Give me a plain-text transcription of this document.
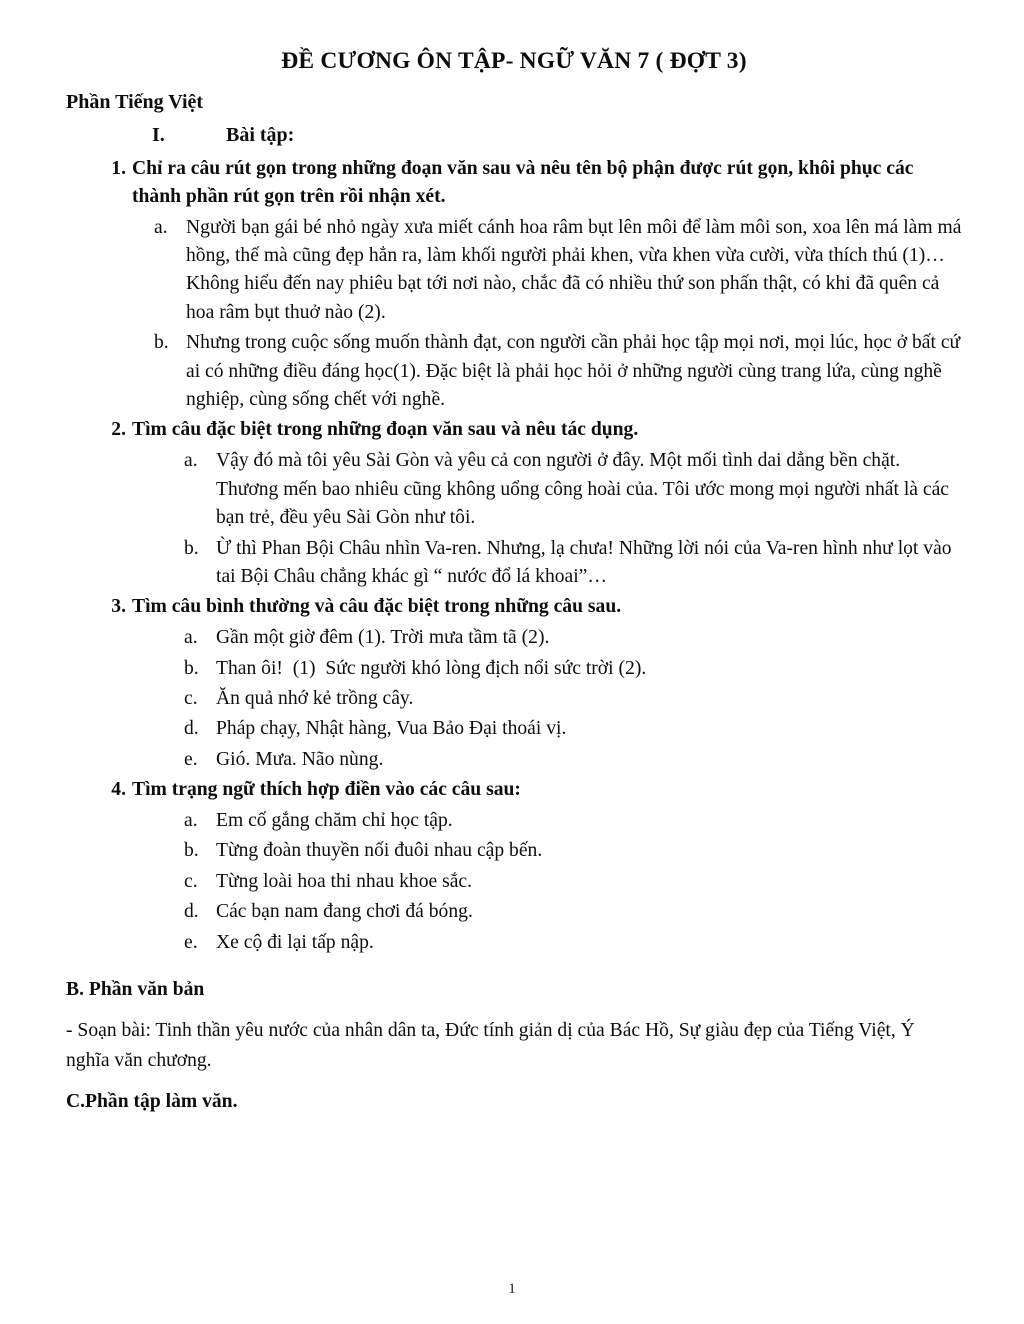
ĐỀ CƯƠNG ÔN TẬP- NGỮ VĂN 7 ( ĐỢT 3)
Phần Tiếng Việt
I.	Bài tập:
1. Chỉ ra câu rút gọn trong những đoạn văn sau và nêu tên bộ phận được rút gọn, khôi phục các thành phần rút gọn trên rồi nhận xét.
a. Người bạn gái bé nhỏ ngày xưa miết cánh hoa râm bụt lên môi để làm môi son, xoa lên má làm má hồng, thế mà cũng đẹp hẳn ra, làm khối người phải khen, vừa khen vừa cười, vừa thích thú (1)…Không hiểu đến nay phiêu bạt tới nơi nào, chắc đã có nhiều thứ son phấn thật, có khi đã quên cả hoa râm bụt thuở nào (2).
b. Nhưng trong cuộc sống muốn thành đạt, con người cần phải học tập mọi nơi, mọi lúc, học ở bất cứ ai có những điều đáng học(1). Đặc biệt là phải học hỏi ở những người cùng trang lứa, cùng nghề nghiệp, cùng sống chết với nghề.
2. Tìm câu đặc biệt trong những đoạn văn sau và nêu tác dụng.
a. Vậy đó mà tôi yêu Sài Gòn và yêu cả con người ở đây. Một mối tình dai dẳng bền chặt. Thương mến bao nhiêu cũng không uổng công hoài của. Tôi ước mong mọi người nhất là các bạn trẻ, đều yêu Sài Gòn như tôi.
b. Ừ thì Phan Bội Châu nhìn Va-ren. Nhưng, lạ chưa! Những lời nói của Va-ren hình như lọt vào tai Bội Châu chẳng khác gì “ nước đổ lá khoai”…
3. Tìm câu bình thường và câu đặc biệt trong những câu sau.
a. Gần một giờ đêm (1). Trời mưa tầm tã (2).
b. Than ôi!  (1)  Sức người khó lòng địch nổi sức trời (2).
c. Ăn quả nhớ kẻ trồng cây.
d. Pháp chạy, Nhật hàng, Vua Bảo Đại thoái vị.
e. Gió. Mưa. Não nùng.
4. Tìm trạng ngữ thích hợp điền vào các câu sau:
a. Em cố gắng chăm chỉ học tập.
b. Từng đoàn thuyền nối đuôi nhau cập bến.
c. Từng loài hoa thi nhau khoe sắc.
d. Các bạn nam đang chơi đá bóng.
e. Xe cộ đi lại tấp nập.
B. Phần văn bản
- Soạn bài: Tinh thần yêu nước của nhân dân ta, Đức tính giản dị của Bác Hồ, Sự giàu đẹp của Tiếng Việt, Ý nghĩa văn chương.
C.Phần tập làm văn.
1
